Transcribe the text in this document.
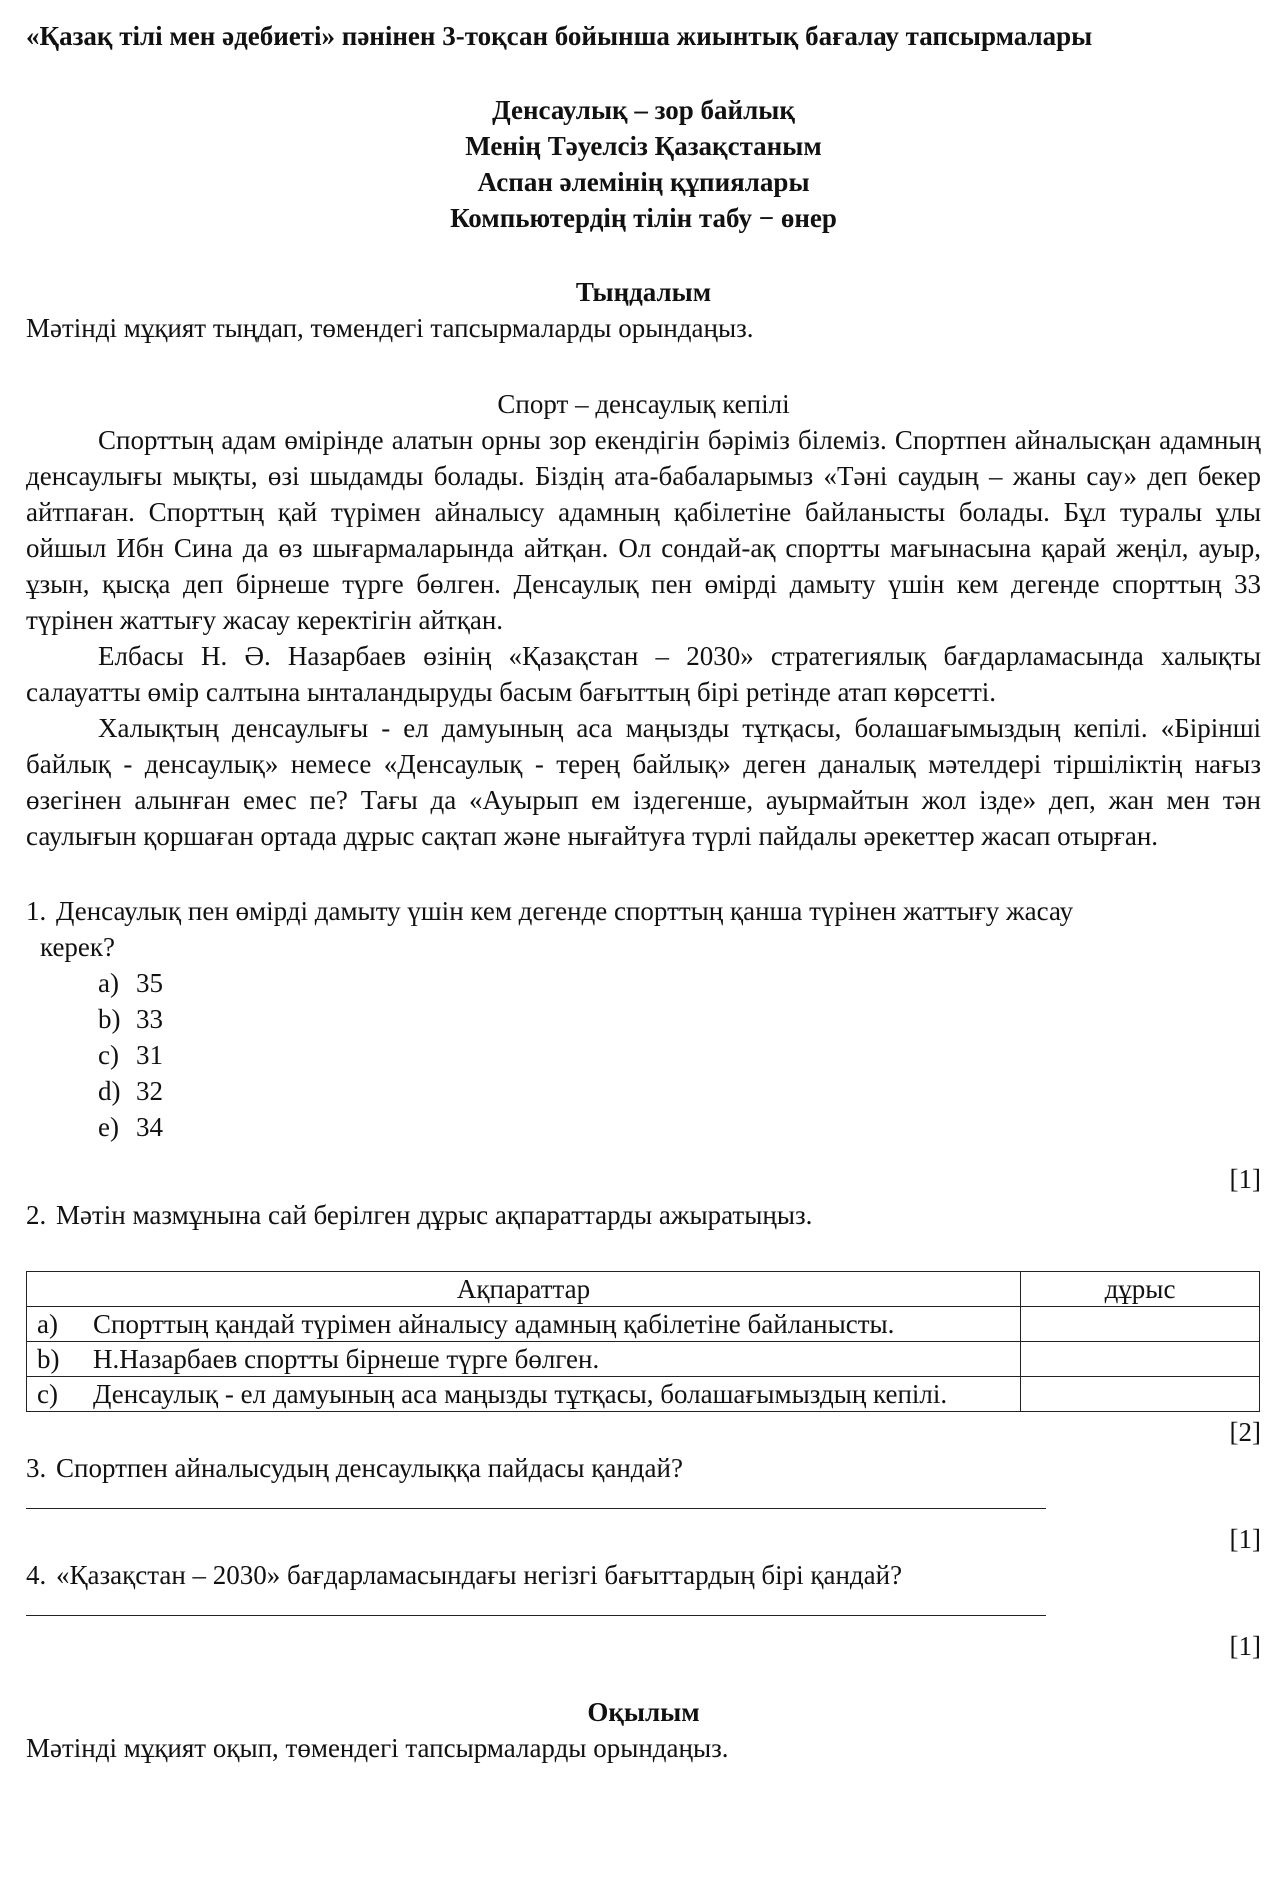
«Қазақ тілі мен әдебиеті» пәнінен 3-тоқсан бойынша жиынтық бағалау тапсырмалары
Денсаулық – зор байлық
Менің Тәуелсіз Қазақстаным
Аспан әлемінің құпиялары
Компьютердің тілін табу − өнер
Тыңдалым
Мәтінді мұқият тыңдап, төмендегі тапсырмаларды орындаңыз.
Спорт – денсаулық кепілі

Спорттың адам өмірінде алатын орны зор екендігін бәріміз білеміз. Спортпен айналысқан адамның денсаулығы мықты, өзі шыдамды болады. Біздің ата-бабаларымыз «Тәні саудың – жаны сау» деп бекер айтпаған. Спорттың қай түрімен айналысу адамның қабілетіне байланысты болады. Бұл туралы ұлы ойшыл Ибн Сина да өз шығармаларында айтқан. Ол сондай-ақ спортты мағынасына қарай жеңіл, ауыр, ұзын, қысқа деп бірнеше түрге бөлген. Денсаулық пен өмірді дамыту үшін кем дегенде спорттың 33 түрінен жаттығу жасау керектігін айтқан.

Елбасы Н. Ә. Назарбаев өзінің «Қазақстан – 2030» стратегиялық бағдарламасында халықты салауатты өмір салтына ынталандыруды басым бағыттың бірі ретінде атап көрсетті.

Халықтың денсаулығы - ел дамуының аса маңызды тұтқасы, болашағымыздың кепілі. «Бірінші байлық - денсаулық» немесе «Денсаулық - терең байлық» деген даналық мәтелдері тіршіліктің нағыз өзегінен алынған емес пе? Тағы да «Ауырып ем іздегенше, ауырмайтын жол ізде» деп, жан мен тән саулығын қоршаған ортада дұрыс сақтап және нығайтуға түрлі пайдалы әрекеттер жасап отырған.

1. Денсаулық пен өмірді дамыту үшін кем дегенде спорттың қанша түрінен жаттығу жасау
керек?
a) 35
b) 33
c) 31
d) 32
e) 34
[1]
2. Мәтін мазмұнына сай берілген дұрыс ақпараттарды ажыратыңыз.
Ақпараттар		дұрыс
a)	Спорттың қандай түрімен айналысу адамның қабілетіне байланысты.	
b)	Н.Назарбаев спортты бірнеше түрге бөлген.	
c)	Денсаулық - ел дамуының аса маңызды тұтқасы, болашағымыздың кепілі.	
[2]
3. Спортпен айналысудың денсаулыққа пайдасы қандай?
[1]
4. «Қазақстан – 2030» бағдарламасындағы негізгі бағыттардың бірі қандай?
[1]
Оқылым
Мәтінді мұқият оқып, төмендегі тапсырмаларды орындаңыз.
